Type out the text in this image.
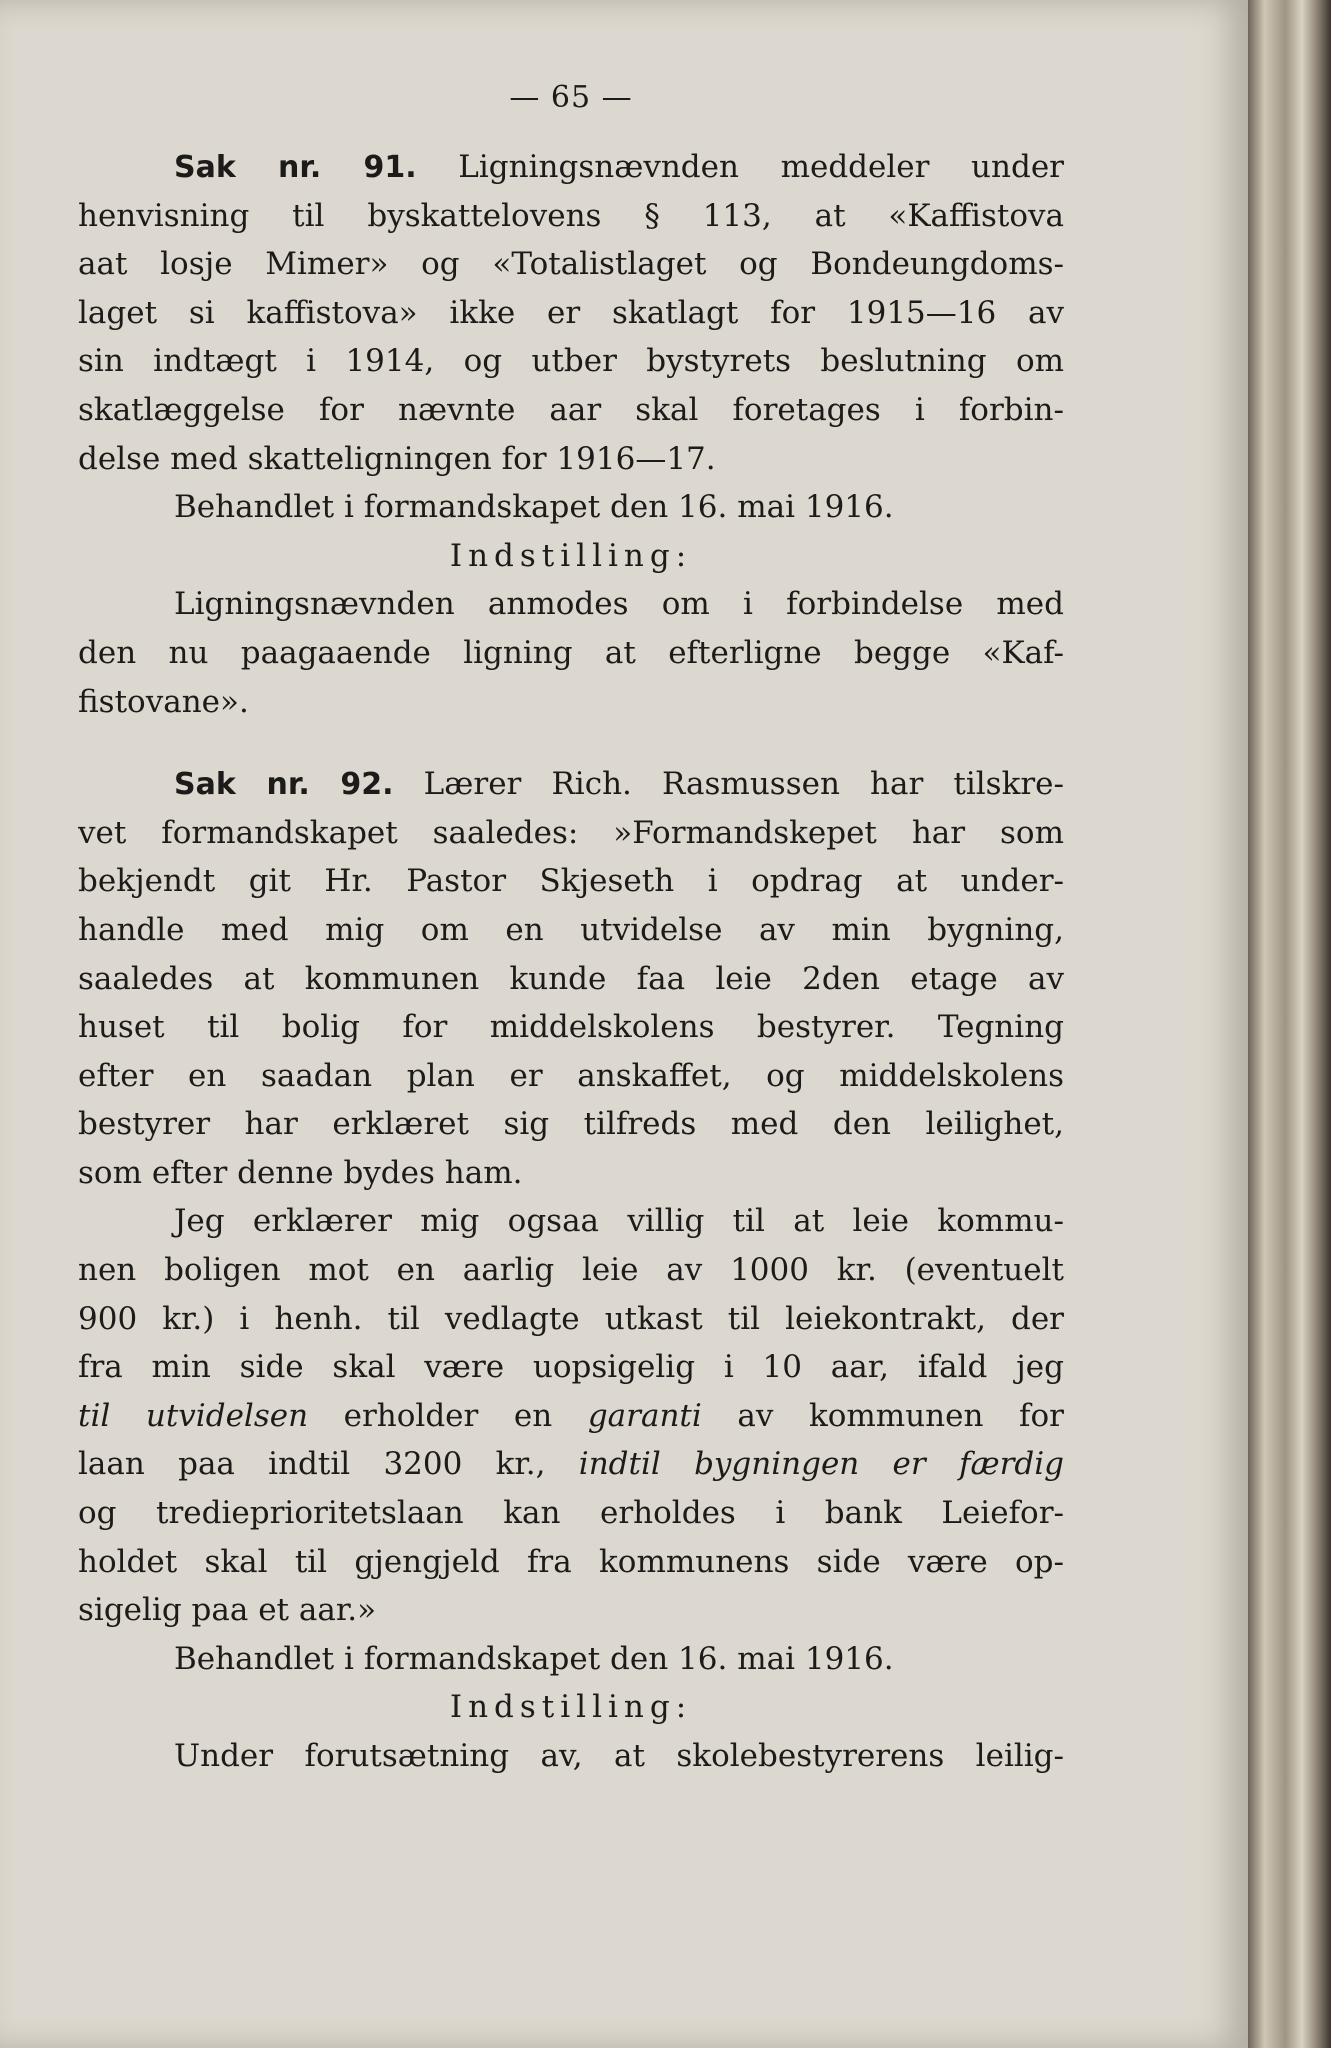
— 65 —
Sak nr. 91. Ligningsnævnden meddeler under
henvisning til byskattelovens § 113, at «Kaffistova
aat losje Mimer» og «Totalistlaget og Bondeungdoms-
laget si kaffistova» ikke er skatlagt for 1915—16 av
sin indtægt i 1914, og utber bystyrets beslutning om
skatlæggelse for nævnte aar skal foretages i forbin-
delse med skatteligningen for 1916—17.
Behandlet i formandskapet den 16. mai 1916.
Indstilling:
Ligningsnævnden anmodes om i forbindelse med
den nu paagaaende ligning at efterligne begge «Kaf-
fistovane».
Sak nr. 92. Lærer Rich. Rasmussen har tilskre-
vet formandskapet saaledes: »Formandskepet har som
bekjendt git Hr. Pastor Skjeseth i opdrag at under-
handle med mig om en utvidelse av min bygning,
saaledes at kommunen kunde faa leie 2den etage av
huset til bolig for middelskolens bestyrer. Tegning
efter en saadan plan er anskaffet, og middelskolens
bestyrer har erklæret sig tilfreds med den leilighet,
som efter denne bydes ham.
Jeg erklærer mig ogsaa villig til at leie kommu-
nen boligen mot en aarlig leie av 1000 kr. (eventuelt
900 kr.) i henh. til vedlagte utkast til leiekontrakt, der
fra min side skal være uopsigelig i 10 aar, ifald jeg
til utvidelsen erholder en garanti av kommunen for
laan paa indtil 3200 kr., indtil bygningen er færdig
og tredieprioritetslaan kan erholdes i bank Leiefor-
holdet skal til gjengjeld fra kommunens side være op-
sigelig paa et aar.»
Behandlet i formandskapet den 16. mai 1916.
Indstilling:
Under forutsætning av, at skolebestyrerens leilig-
